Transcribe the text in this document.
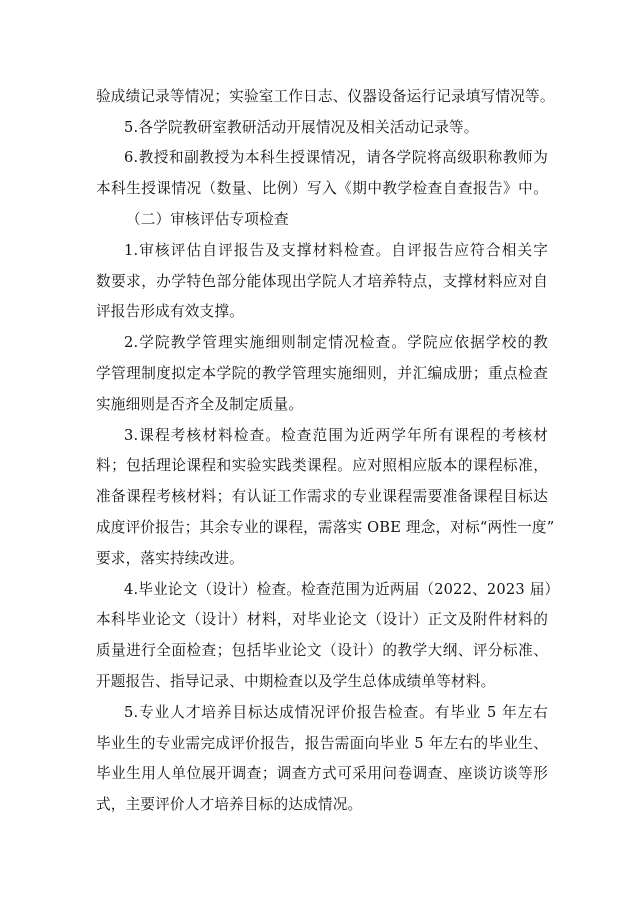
验成绩记录等情况；实验室工作日志、仪器设备运行记录填写情况等。
5.各学院教研室教研活动开展情况及相关活动记录等。
6.教授和副教授为本科生授课情况，请各学院将高级职称教师为
本科生授课情况（数量、比例）写入《期中教学检查自查报告》中。
（二）审核评估专项检查
1.审核评估自评报告及支撑材料检查。自评报告应符合相关字
数要求，办学特色部分能体现出学院人才培养特点，支撑材料应对自
评报告形成有效支撑。
2.学院教学管理实施细则制定情况检查。学院应依据学校的教
学管理制度拟定本学院的教学管理实施细则，并汇编成册；重点检查
实施细则是否齐全及制定质量。
3.课程考核材料检查。检查范围为近两学年所有课程的考核材
料；包括理论课程和实验实践类课程。应对照相应版本的课程标准，
准备课程考核材料；有认证工作需求的专业课程需要准备课程目标达
成度评价报告；其余专业的课程，需落实 OBE 理念，对标“两性一度”
要求，落实持续改进。
4.毕业论文（设计）检查。检查范围为近两届（2022、2023 届）
本科毕业论文（设计）材料，对毕业论文（设计）正文及附件材料的
质量进行全面检查；包括毕业论文（设计）的教学大纲、评分标准、
开题报告、指导记录、中期检查以及学生总体成绩单等材料。
5.专业人才培养目标达成情况评价报告检查。有毕业 5 年左右
毕业生的专业需完成评价报告，报告需面向毕业 5 年左右的毕业生、
毕业生用人单位展开调查；调查方式可采用问卷调查、座谈访谈等形
式，主要评价人才培养目标的达成情况。
